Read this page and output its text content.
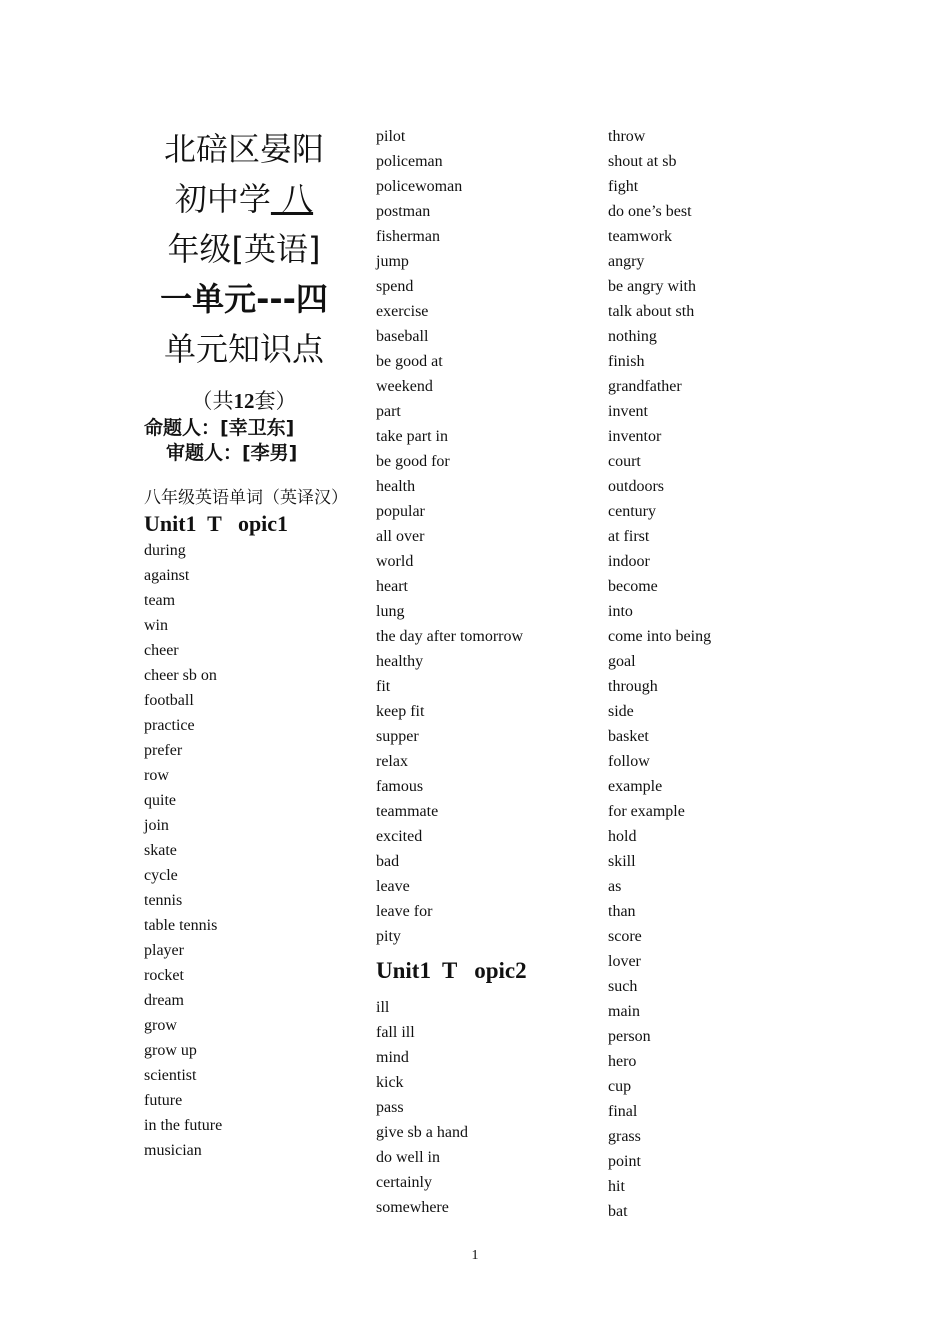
北碚区晏阳
初中学 八
年级[英语]
一单元---四
单元知识点
（共12套）
命题人：[幸卫东]
审题人：[李男]
八年级英语单词（英译汉）
Unit1  T   opic1
during
against
team
win
cheer
cheer sb on
football
practice
prefer
row
quite
join
skate
cycle
tennis
table tennis
player
rocket
dream
grow
grow up
scientist
future
in the future
musician
pilot
policeman
policewoman
postman
fisherman
jump
spend
exercise
baseball
be good at
weekend
part
take part in
be good for
health
popular
all over
world
heart
lung
the day after tomorrow
healthy
fit
keep fit
supper
relax
famous
teammate
excited
bad
leave
leave for
pity
Unit1  T   opic2
ill
fall ill
mind
kick
pass
give sb a hand
do well in
certainly
somewhere
throw
shout at sb
fight
do one’s best
teamwork
angry
be angry with
talk about sth
nothing
finish
grandfather
invent
inventor
court
outdoors
century
at first
indoor
become
into
come into being
goal
through
side
basket
follow
example
for example
hold
skill
as
than
score
lover
such
main
person
hero
cup
final
grass
point
hit
bat
1
